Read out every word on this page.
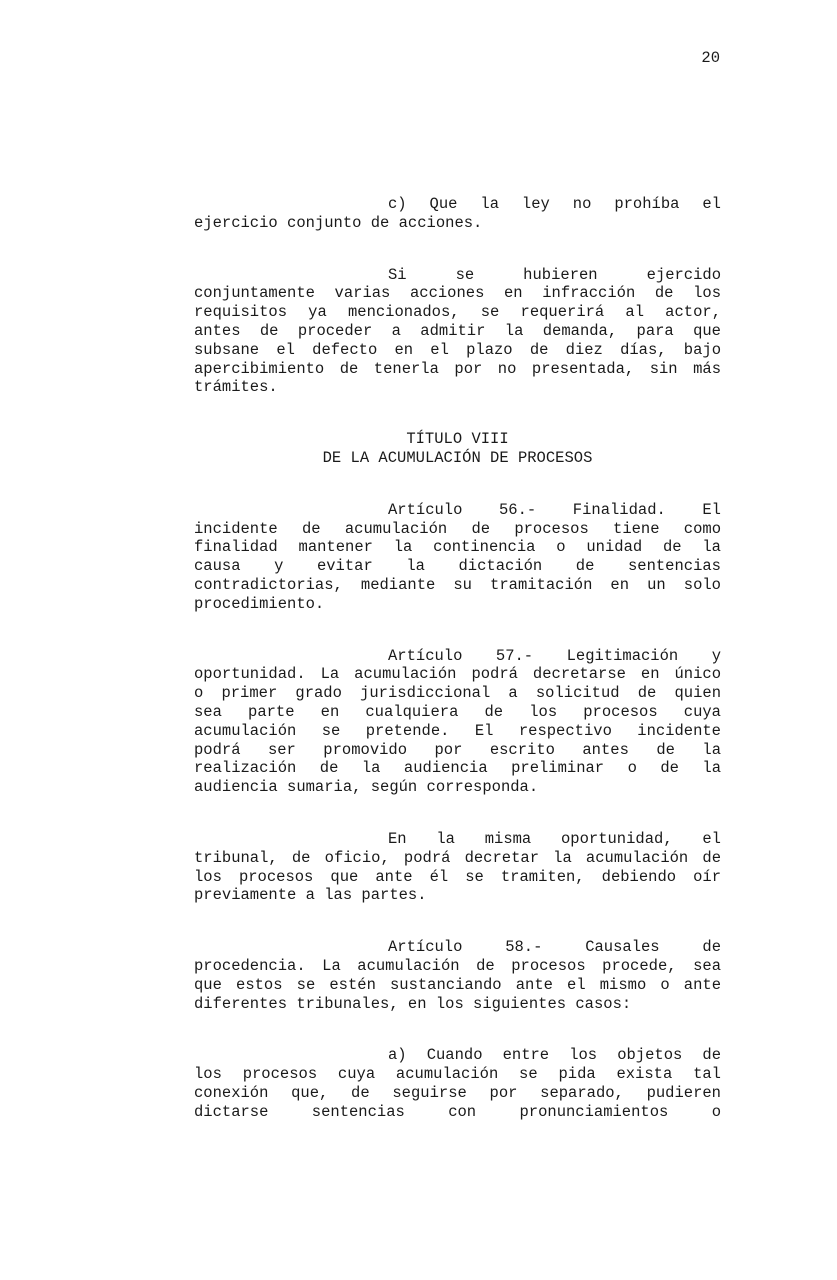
20
c) Que la ley no prohíba el
ejercicio conjunto de acciones.
Si se hubieren ejercido
conjuntamente varias acciones en infracción de los
requisitos ya mencionados, se requerirá al actor,
antes de proceder a admitir la demanda, para que
subsane el defecto en el plazo de diez días, bajo
apercibimiento de tenerla por no presentada, sin más
trámites.
TÍTULO VIII
DE LA ACUMULACIÓN DE PROCESOS
Artículo 56.- Finalidad. El
incidente de acumulación de procesos tiene como
finalidad mantener la continencia o unidad de la
causa y evitar la dictación de sentencias
contradictorias, mediante su tramitación en un solo
procedimiento.
Artículo 57.- Legitimación y
oportunidad. La acumulación podrá decretarse en único
o primer grado jurisdiccional a solicitud de quien
sea parte en cualquiera de los procesos cuya
acumulación se pretende. El respectivo incidente
podrá ser promovido por escrito antes de la
realización de la audiencia preliminar o de la
audiencia sumaria, según corresponda.
En la misma oportunidad, el
tribunal, de oficio, podrá decretar la acumulación de
los procesos que ante él se tramiten, debiendo oír
previamente a las partes.
Artículo 58.- Causales de
procedencia. La acumulación de procesos procede, sea
que estos se estén sustanciando ante el mismo o ante
diferentes tribunales, en los siguientes casos:
a) Cuando entre los objetos de
los procesos cuya acumulación se pida exista tal
conexión que, de seguirse por separado, pudieren
dictarse sentencias con pronunciamientos o
